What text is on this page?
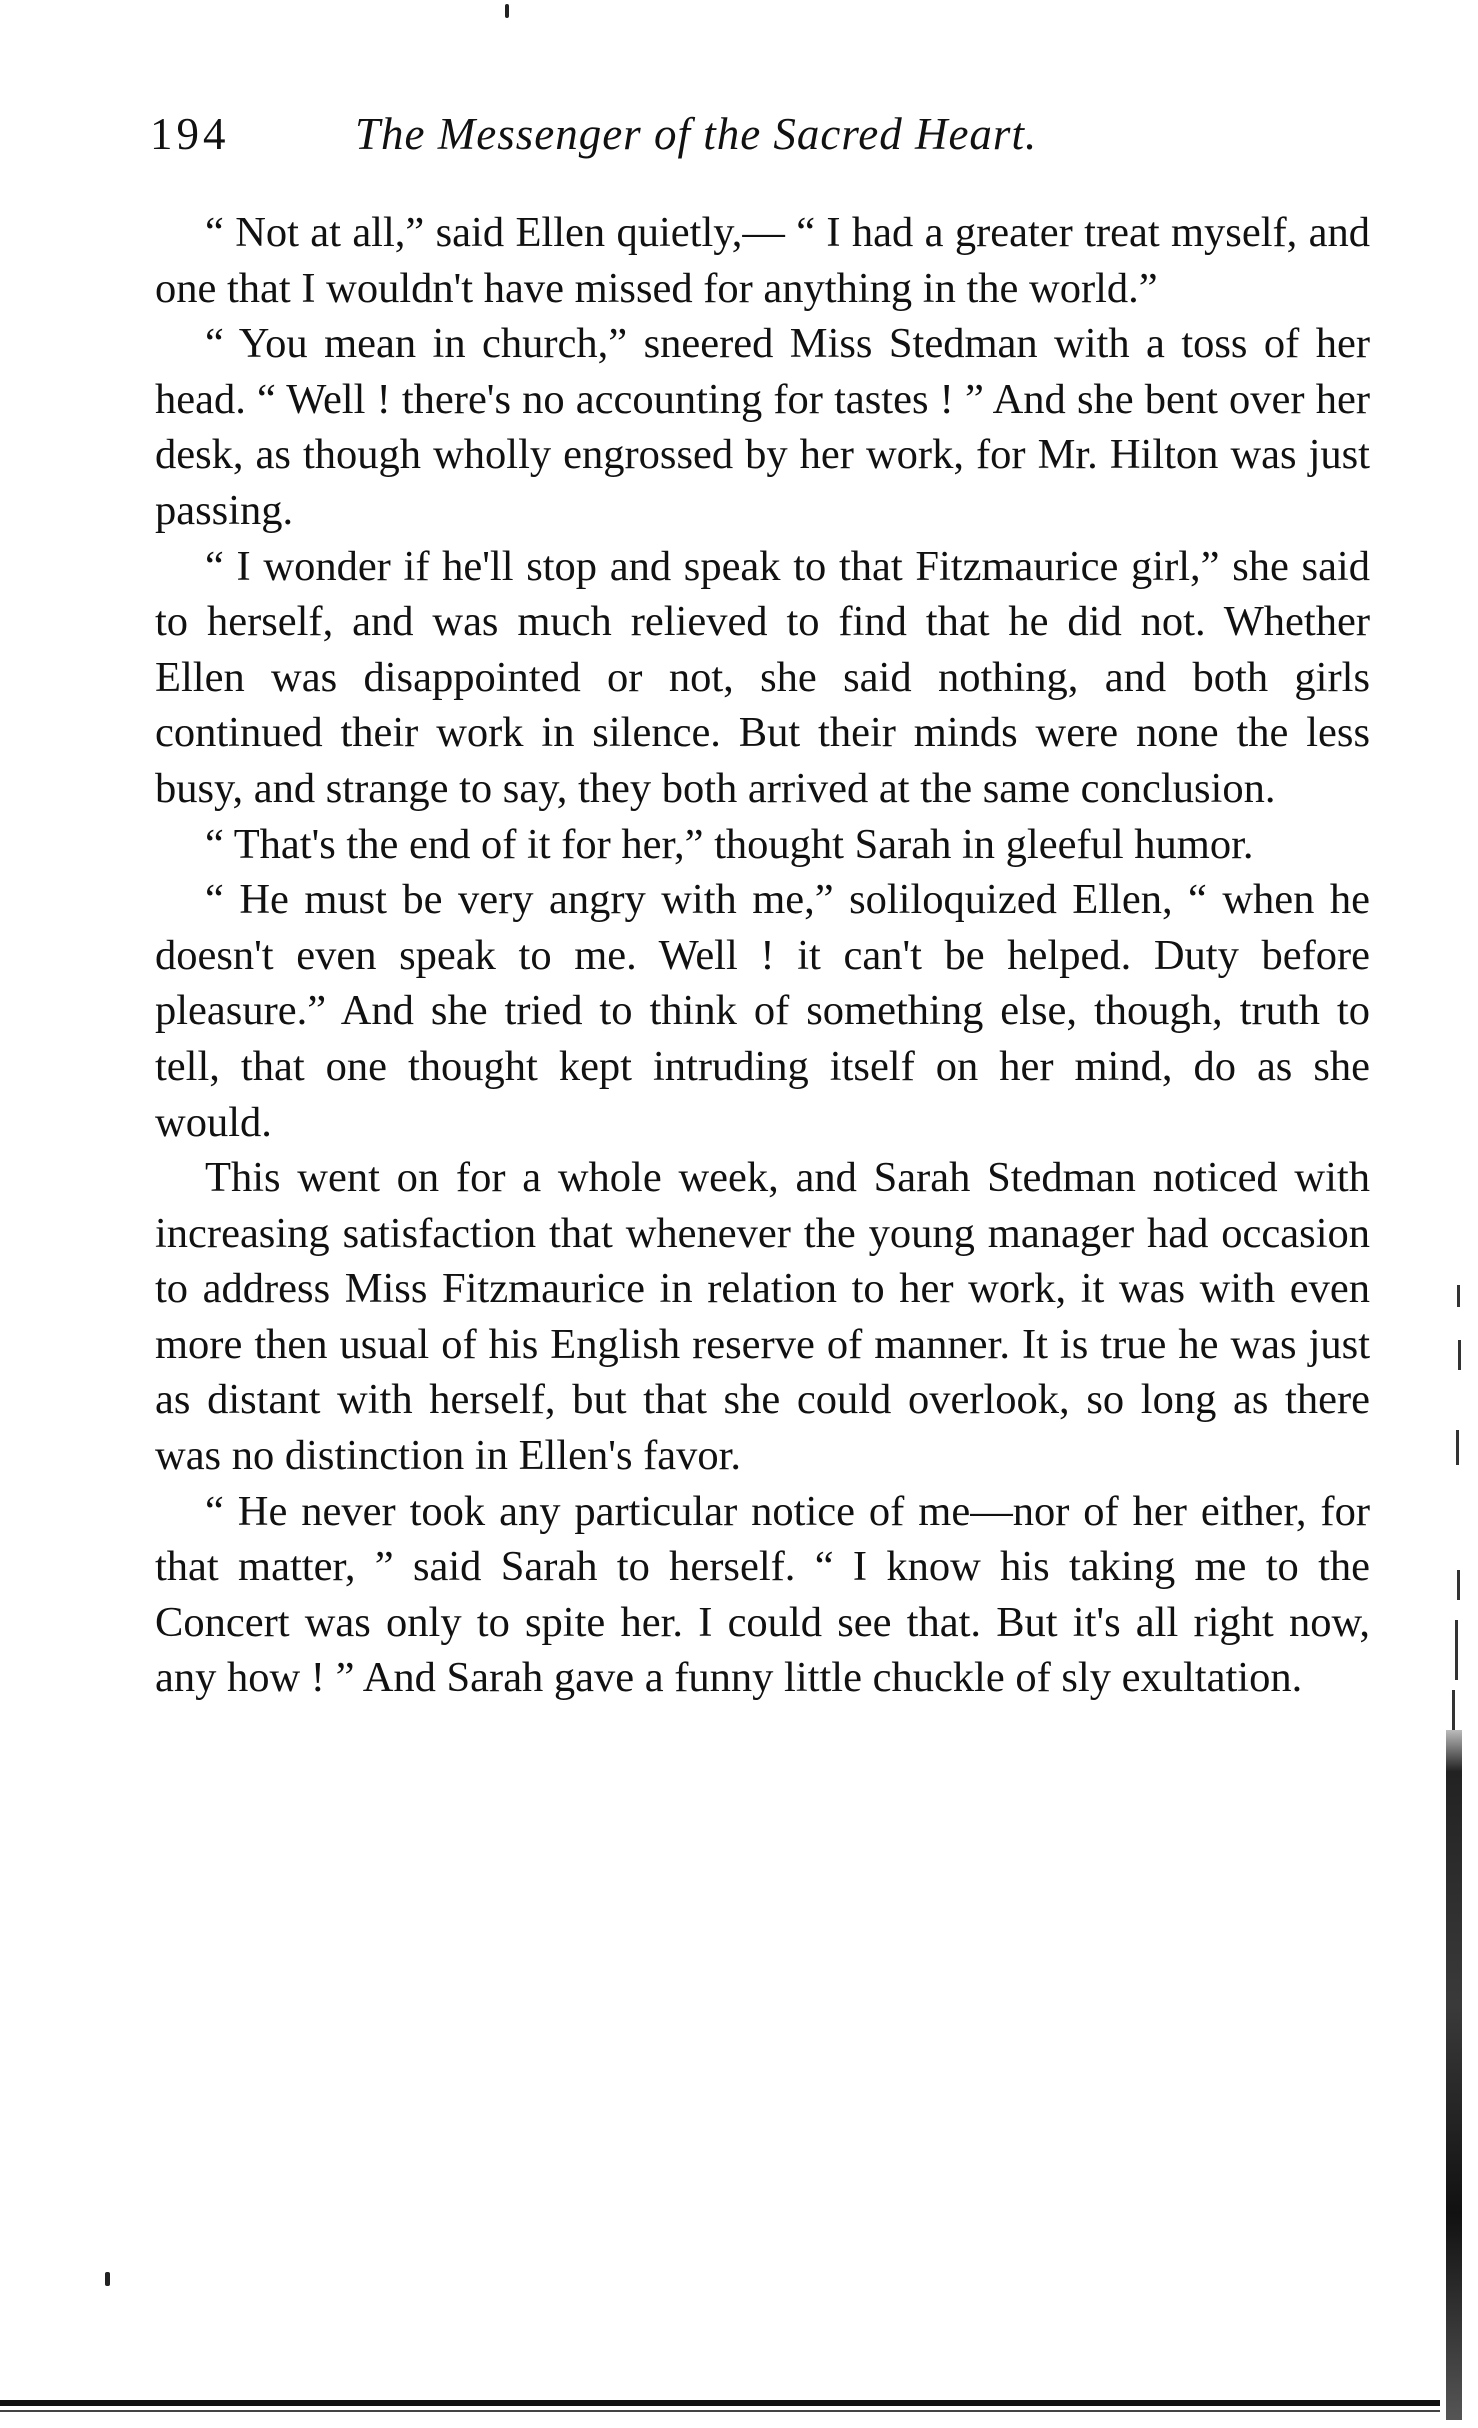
194	The Messenger of the Sacred Heart.

“ Not at all,” said Ellen quietly,— “ I had a greater treat myself, and one that I wouldn't have missed for anything in the world.”

“ You mean in church,” sneered Miss Stedman with a toss of her head. “ Well ! there's no accounting for tastes ! ” And she bent over her desk, as though wholly engrossed by her work, for Mr. Hilton was just passing.

“ I wonder if he'll stop and speak to that Fitzmaurice girl,” she said to herself, and was much relieved to find that he did not. Whether Ellen was disappointed or not, she said nothing, and both girls continued their work in silence. But their minds were none the less busy, and strange to say, they both arrived at the same conclusion.

“ That's the end of it for her,” thought Sarah in gleeful humor.

“ He must be very angry with me,” soliloquized Ellen, “ when he doesn't even speak to me. Well ! it can't be helped. Duty before pleasure.” And she tried to think of something else, though, truth to tell, that one thought kept intruding itself on her mind, do as she would.

This went on for a whole week, and Sarah Stedman noticed with increasing satisfaction that whenever the young manager had occasion to address Miss Fitzmaurice in relation to her work, it was with even more then usual of his English reserve of manner. It is true he was just as distant with herself, but that she could overlook, so long as there was no distinction in Ellen's favor.

“ He never took any particular notice of me—nor of her either, for that matter, ” said Sarah to herself. “ I know his taking me to the Concert was only to spite her. I could see that. But it's all right now, any how ! ” And Sarah gave a funny little chuckle of sly exultation.
